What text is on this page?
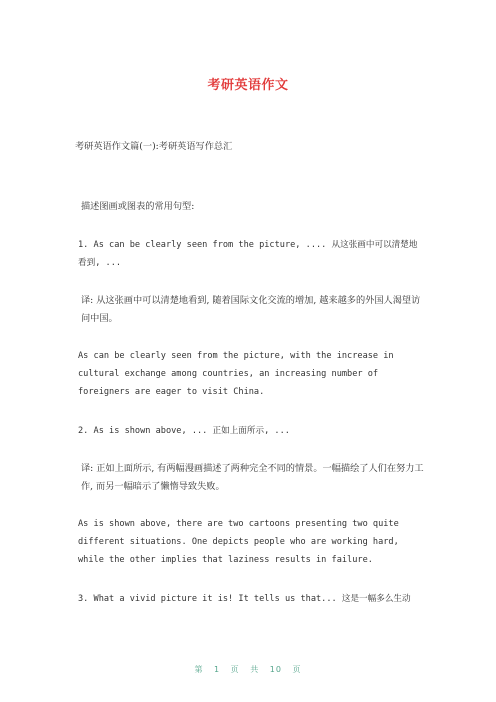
考研英语作文
考研英语作文篇(一):考研英语写作总汇
描述图画或图表的常用句型:
1. As can be clearly seen from the picture, .... 从这张画中可以清楚地看到, ...
译: 从这张画中可以清楚地看到, 随着国际文化交流的增加, 越来越多的外国人渴望访问中国。
As can be clearly seen from the picture, with the increase in cultural exchange among countries, an increasing number of foreigners are eager to visit China.
2. As is shown above, ... 正如上面所示, ...
译: 正如上面所示, 有两幅漫画描述了两种完全不同的情景。一幅描绘了人们在努力工作, 而另一幅暗示了懒惰导致失败。
As is shown above, there are two cartoons presenting two quite different situations. One depicts people who are working hard, while the other implies that laziness results in failure.
3. What a vivid picture it is! It tells us that... 这是一幅多么生动
第 1 页 共 10 页
